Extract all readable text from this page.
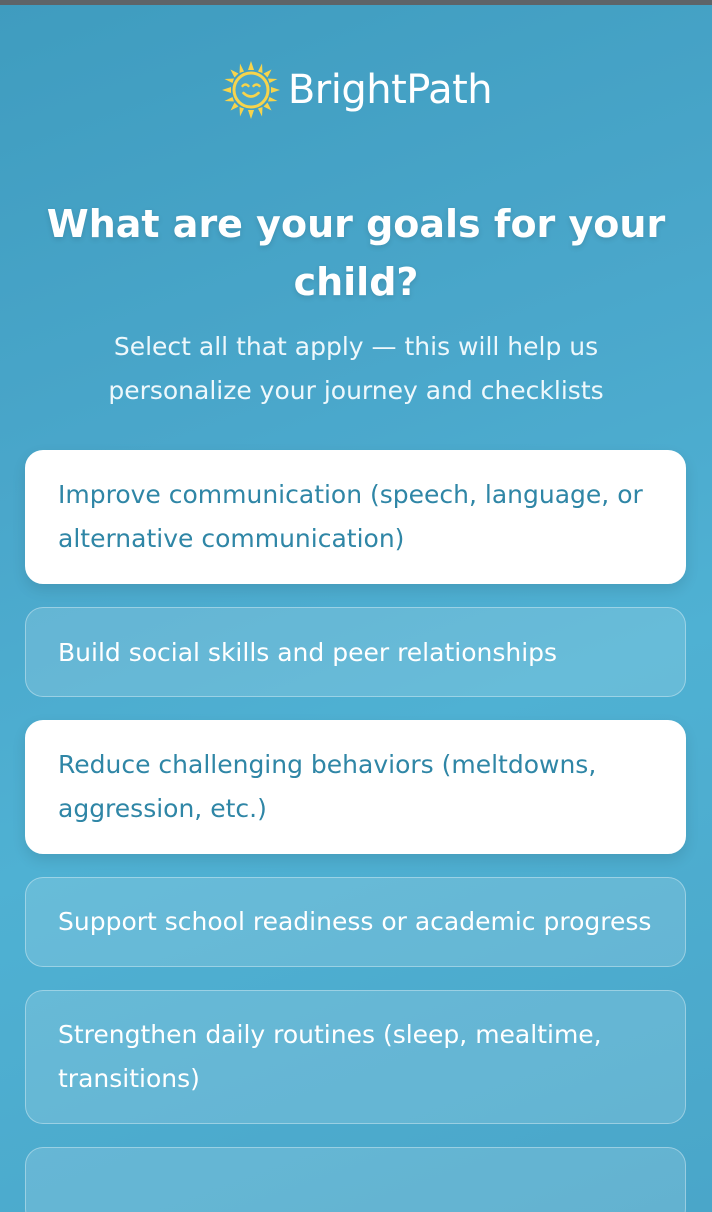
BrightPath
What are your goals for your child?

Select all that apply — this will help us personalize your journey and checklists

Improve communication (speech, language, or alternative communication)
Build social skills and peer relationships
Reduce challenging behaviors (meltdowns, aggression, etc.)
Support school readiness or academic progress
Strengthen daily routines (sleep, mealtime, transitions)
